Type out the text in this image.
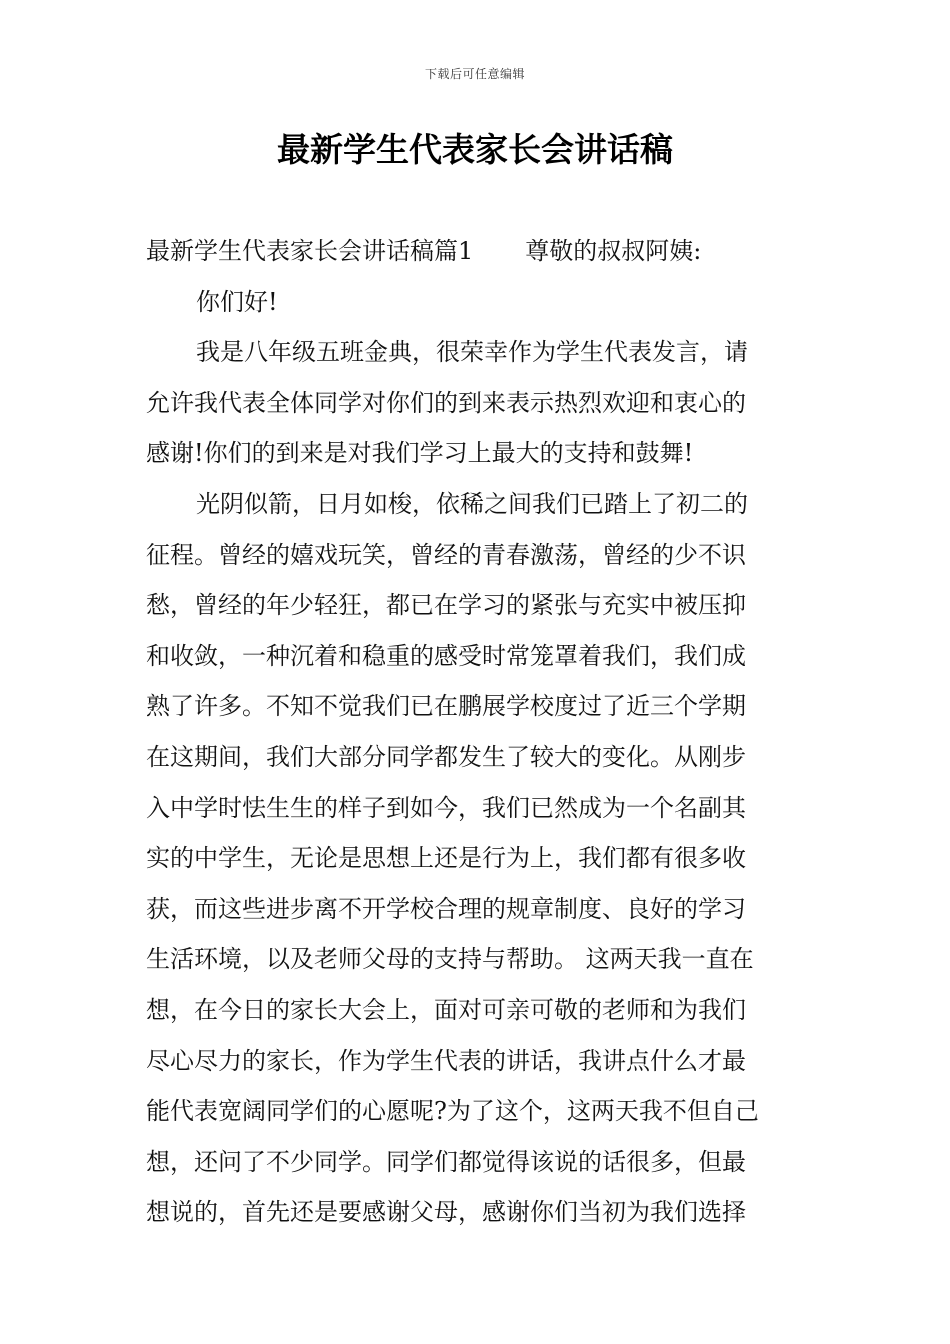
下载后可任意编辑
最新学生代表家长会讲话稿
最新学生代表家长会讲话稿篇1 尊敬的叔叔阿姨:
你们好!
我是八年级五班金典，很荣幸作为学生代表发言，请
允许我代表全体同学对你们的到来表示热烈欢迎和衷心的
感谢!你们的到来是对我们学习上最大的支持和鼓舞!
光阴似箭，日月如梭，依稀之间我们已踏上了初二的
征程。曾经的嬉戏玩笑，曾经的青春激荡，曾经的少不识
愁，曾经的年少轻狂，都已在学习的紧张与充实中被压抑
和收敛，一种沉着和稳重的感受时常笼罩着我们，我们成
熟了许多。不知不觉我们已在鹏展学校度过了近三个学期
在这期间，我们大部分同学都发生了较大的变化。从刚步
入中学时怯生生的样子到如今，我们已然成为一个名副其
实的中学生，无论是思想上还是行为上，我们都有很多收
获，而这些进步离不开学校合理的规章制度、良好的学习
生活环境，以及老师父母的支持与帮助。 这两天我一直在
想，在今日的家长大会上，面对可亲可敬的老师和为我们
尽心尽力的家长，作为学生代表的讲话，我讲点什么才最
能代表宽阔同学们的心愿呢?为了这个，这两天我不但自己
想，还问了不少同学。同学们都觉得该说的话很多，但最
想说的，首先还是要感谢父母，感谢你们当初为我们选择
